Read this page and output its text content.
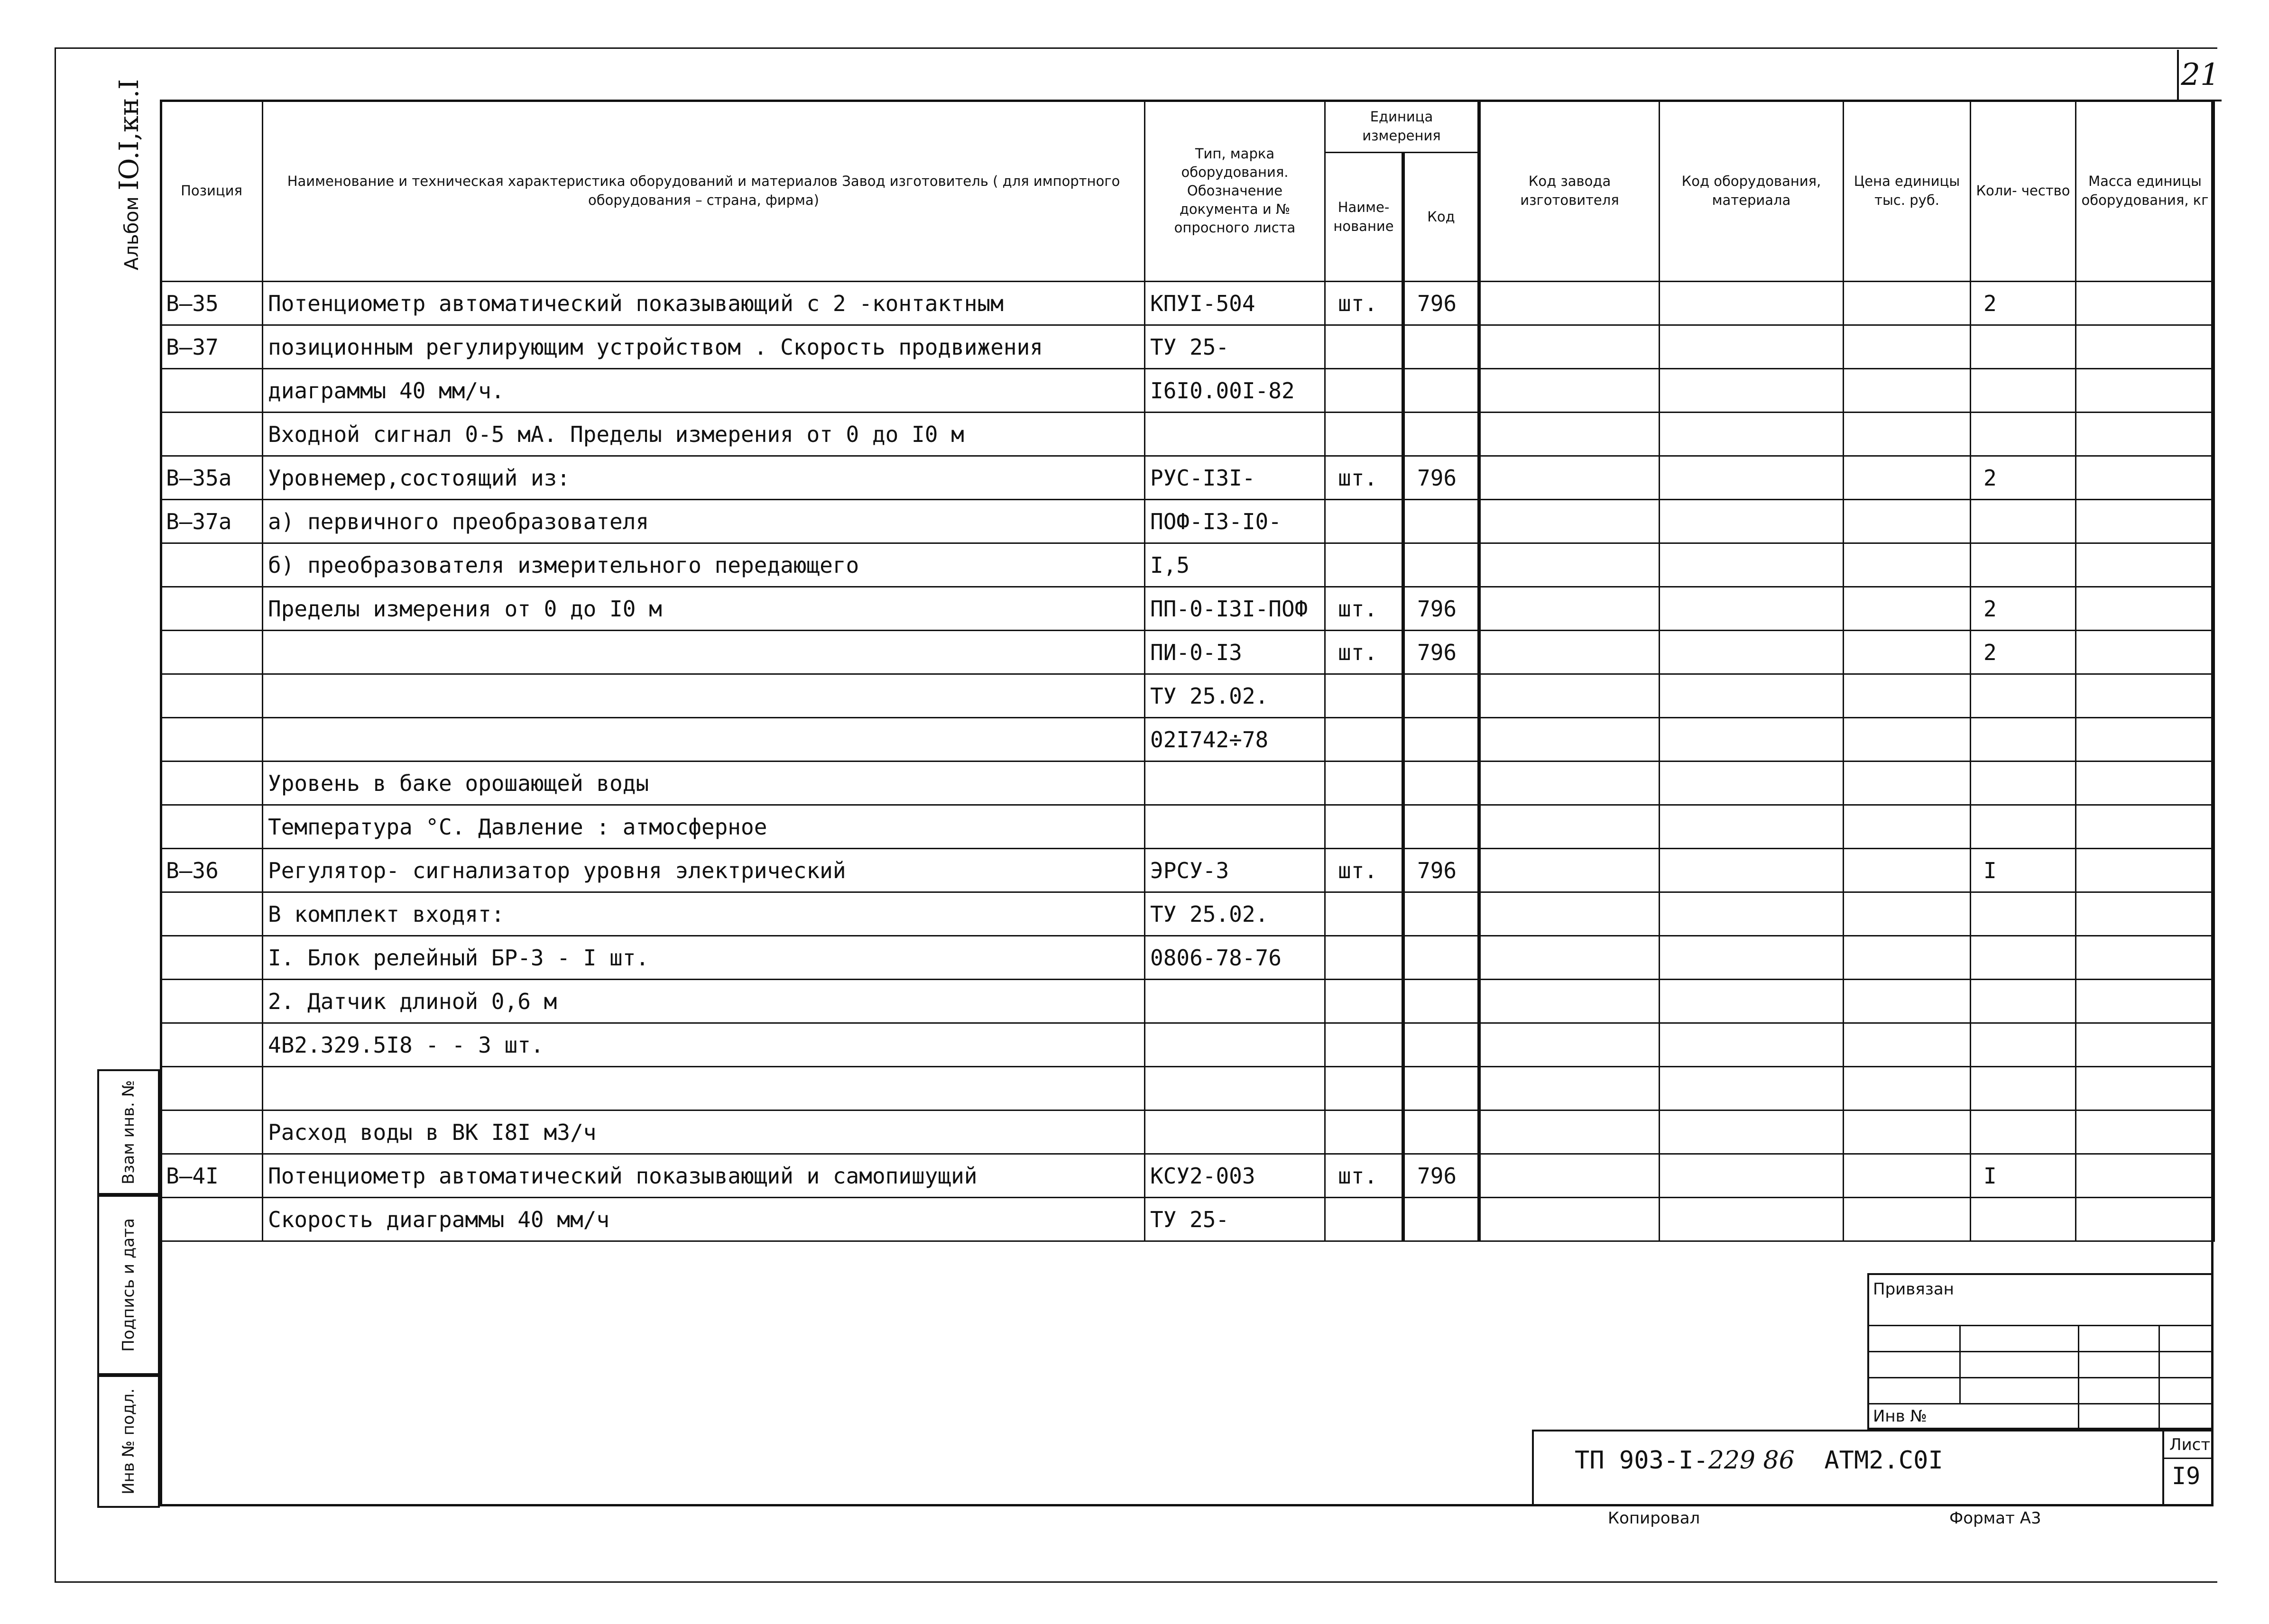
21
Альбом IO.I,кн.I
Взам инв. №
Подпись и дата
Инв № подл.
Позиция	Наименование и техническая характеристика оборудований и материалов Завод изготовитель ( для импортного оборудования – страна, фирма)	Тип, марка оборудования. Обозначение документа и № опросного листа	Единица измерения		Код завода изготовителя	Код оборудования, материала	Цена единицы тыс. руб.	Коли- чество	Масса единицы оборудования, кг
			Наиме- нование	Код					
В–35	Потенциометр автоматический показывающий с 2 -контактным	КПУI-504	шт.	796				2	
В–37	позиционным регулирующим устройством . Скорость продвижения	ТУ 25-							
	диаграммы 40 мм/ч.	I6I0.00I-82							
	Входной сигнал 0-5 мА. Пределы измерения от 0 до I0 м								
В–35а	Уровнемер,состоящий из:	РУС-I3I-	шт.	796				2	
В–37а	а) первичного преобразователя	ПОФ-I3-I0-							
	б) преобразователя измерительного передающего	I,5							
	Пределы измерения от 0 до I0 м	ПП-0-I3I-ПОФ	шт.	796				2	
		ПИ-0-I3	шт.	796				2	
		ТУ 25.02.							
		02I742÷78							
	Уровень в баке орошающей воды								
	Температура °С. Давление : атмосферное								
В–36	Регулятор- сигнализатор уровня электрический	ЭРСУ-3	шт.	796				I	
	В комплект входят:	ТУ 25.02.							
	I. Блок релейный БР-3 - I шт.	0806-78-76							
	2. Датчик длиной 0,6 м								
	4В2.329.5I8 - - 3 шт.								

	Расход воды в ВК I8I м3/ч								
В–4I	Потенциометр автоматический показывающий и самопишущий	КСУ2-003	шт.	796				I	
	Скорость диаграммы 40 мм/ч	ТУ 25-							

Привязан
Инв №
Лист
I9
ТП 903-I-229 86 АТМ2.С0I
Копировал	Формат А3
